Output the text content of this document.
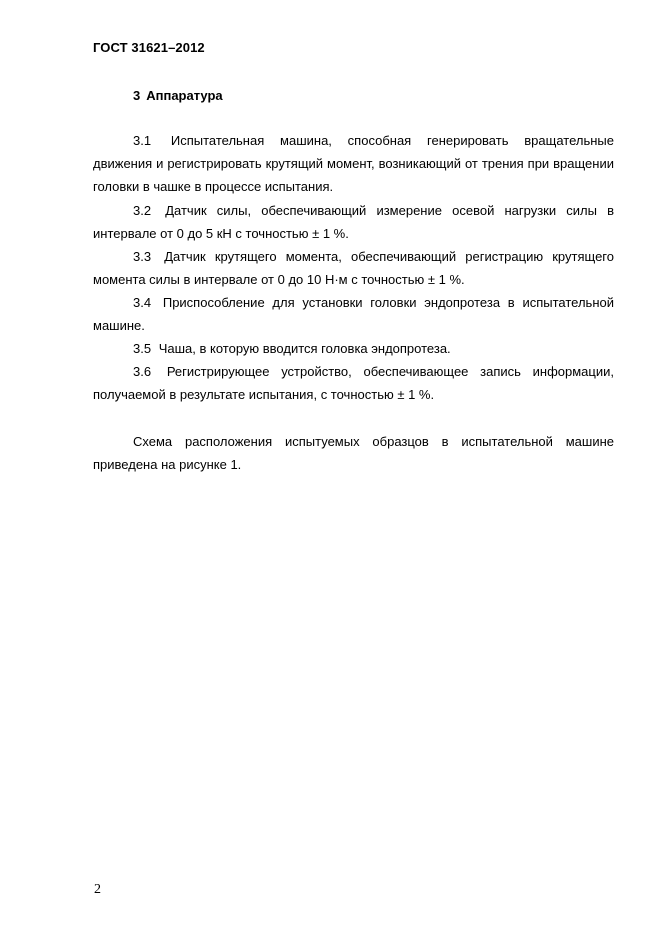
ГОСТ 31621–2012
3 Аппаратура

3.1 Испытательная машина, способная генерировать вращательные движения и регистрировать крутящий момент, возникающий от трения при вращении головки в чашке в процессе испытания.

3.2 Датчик силы, обеспечивающий измерение осевой нагрузки силы в интервале от 0 до 5 кН с точностью ± 1 %.

3.3 Датчик крутящего момента, обеспечивающий регистрацию крутящего момента силы в интервале от 0 до 10 Н·м с точностью ± 1 %.

3.4 Приспособление для установки головки эндопротеза в испытательной машине.

3.5 Чаша, в которую вводится головка эндопротеза.

3.6 Регистрирующее устройство, обеспечивающее запись информации, получаемой в результате испытания, с точностью ± 1 %.

Схема расположения испытуемых образцов в испытательной машине приведена на рисунке 1.

2
